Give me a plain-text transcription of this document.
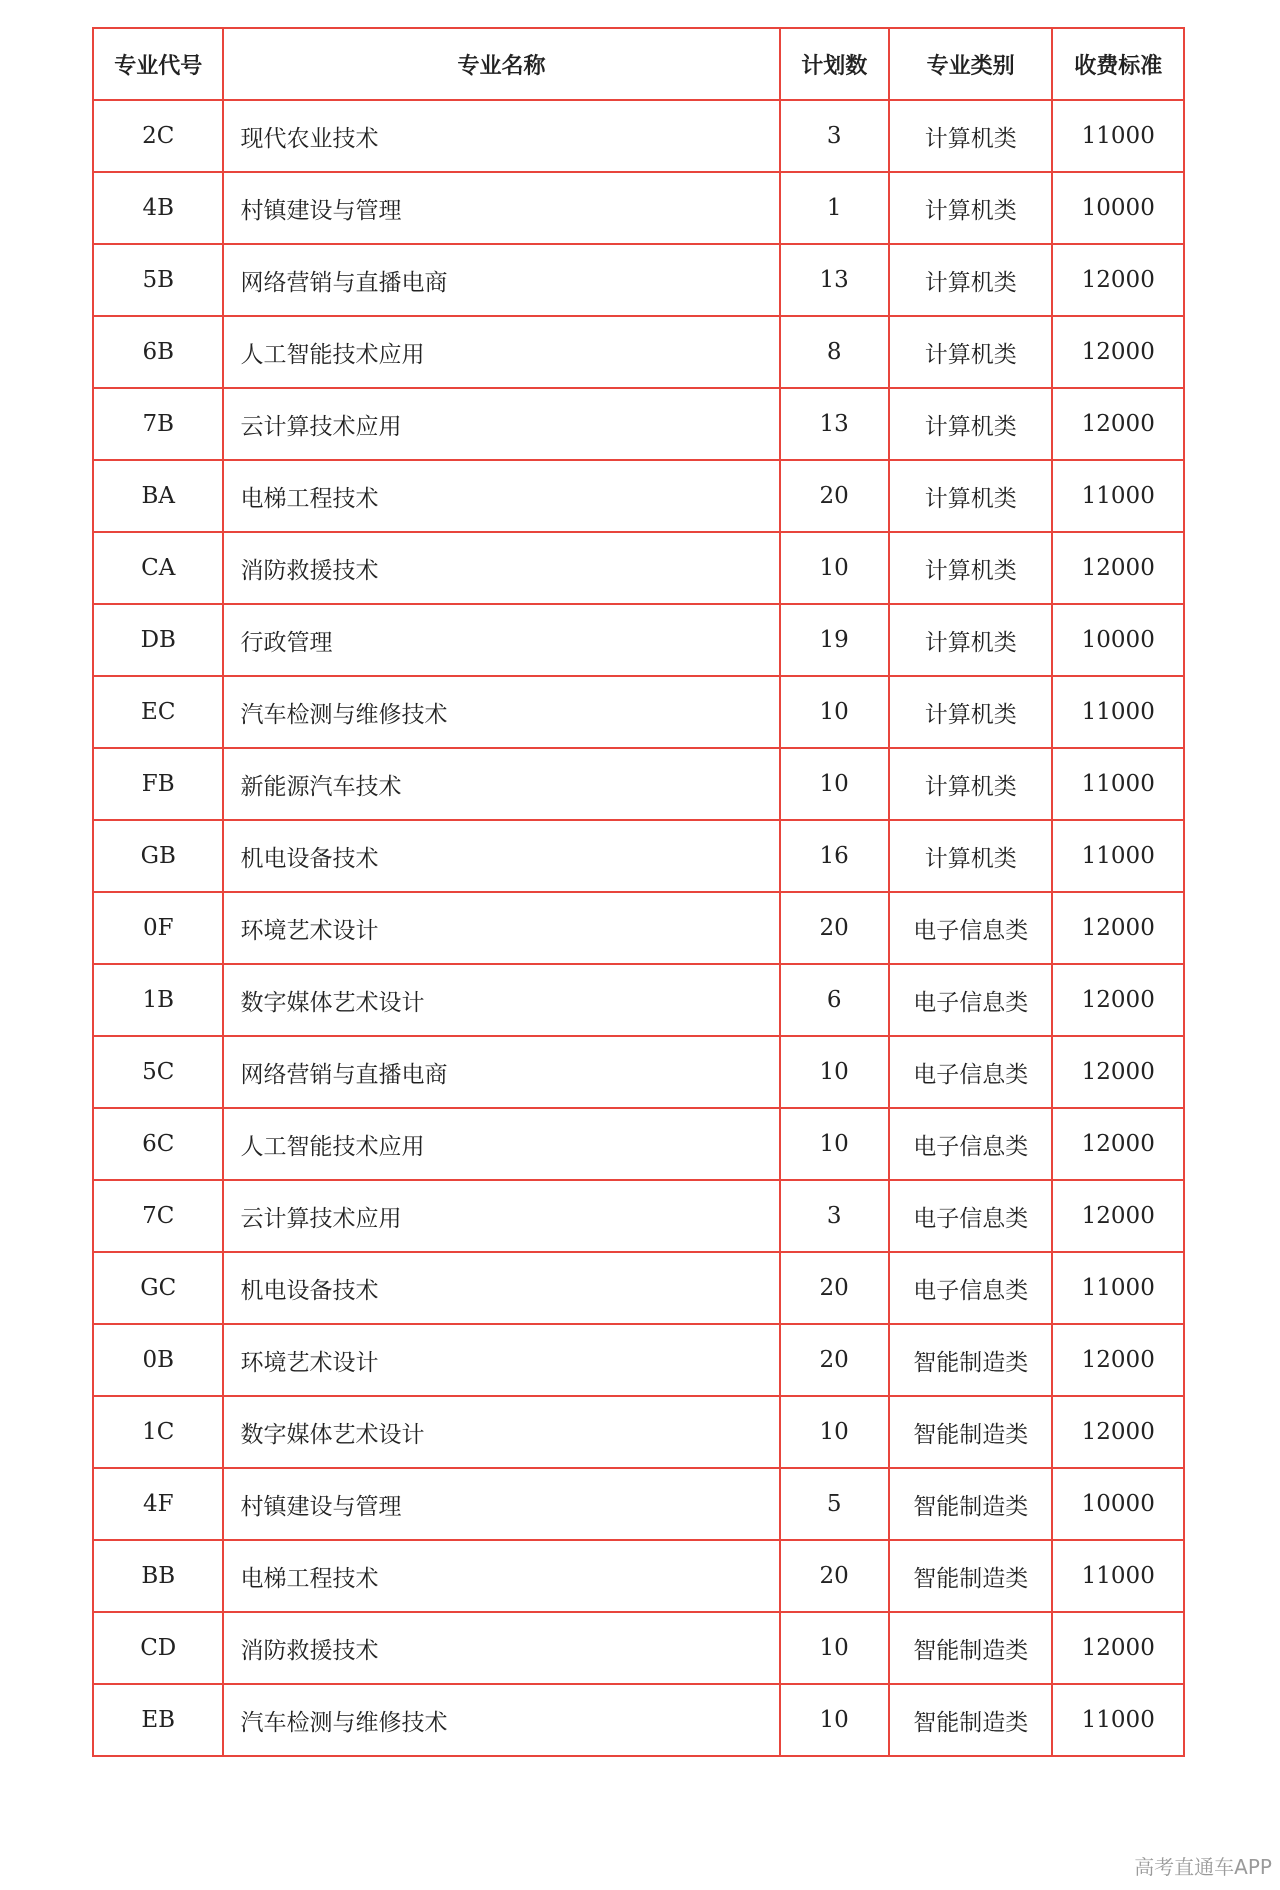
专业代号	专业名称	计划数	专业类别	收费标准
2C	现代农业技术	3	计算机类	11000
4B	村镇建设与管理	1	计算机类	10000
5B	网络营销与直播电商	13	计算机类	12000
6B	人工智能技术应用	8	计算机类	12000
7B	云计算技术应用	13	计算机类	12000
BA	电梯工程技术	20	计算机类	11000
CA	消防救援技术	10	计算机类	12000
DB	行政管理	19	计算机类	10000
EC	汽车检测与维修技术	10	计算机类	11000
FB	新能源汽车技术	10	计算机类	11000
GB	机电设备技术	16	计算机类	11000
0F	环境艺术设计	20	电子信息类	12000
1B	数字媒体艺术设计	6	电子信息类	12000
5C	网络营销与直播电商	10	电子信息类	12000
6C	人工智能技术应用	10	电子信息类	12000
7C	云计算技术应用	3	电子信息类	12000
GC	机电设备技术	20	电子信息类	11000
0B	环境艺术设计	20	智能制造类	12000
1C	数字媒体艺术设计	10	智能制造类	12000
4F	村镇建设与管理	5	智能制造类	10000
BB	电梯工程技术	20	智能制造类	11000
CD	消防救援技术	10	智能制造类	12000
EB	汽车检测与维修技术	10	智能制造类	11000
高考直通车APP
